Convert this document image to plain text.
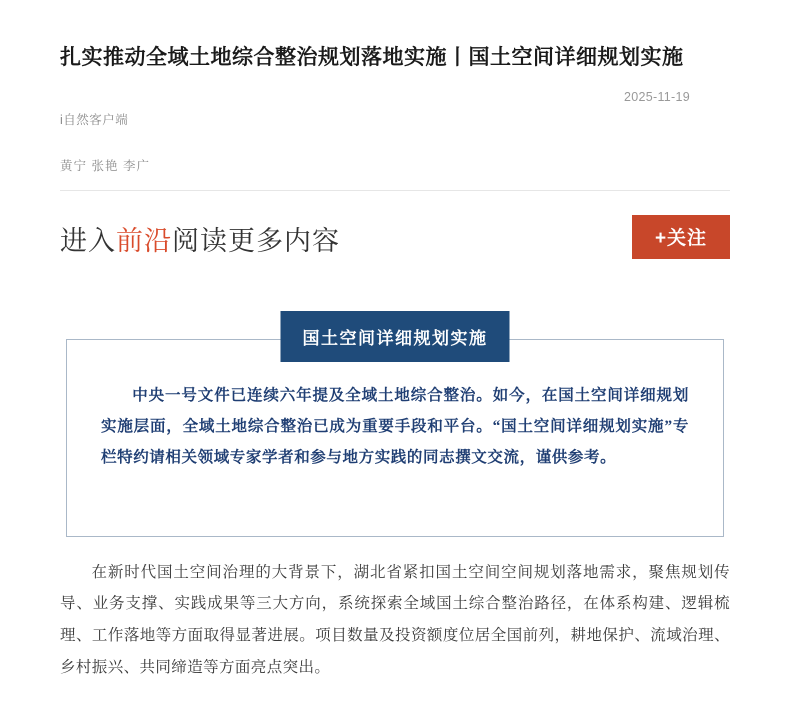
扎实推动全域土地综合整治规划落地实施丨国土空间详细规划实施
2025-11-19
i自然客户端
黄宁 张艳 李广
进入前沿阅读更多内容	+关注
国土空间详细规划实施
中央一号文件已连续六年提及全域土地综合整治。如今，在国土空间详细规划实施层面，全域土地综合整治已成为重要手段和平台。“国土空间详细规划实施”专栏特约请相关领域专家学者和参与地方实践的同志撰文交流，谨供参考。
在新时代国土空间治理的大背景下，湖北省紧扣国土空间空间规划落地需求，聚焦规划传导、业务支撑、实践成果等三大方向，系统探索全域国土综合整治路径，在体系构建、逻辑梳理、工作落地等方面取得显著进展。项目数量及投资额度位居全国前列，耕地保护、流域治理、乡村振兴、共同缔造等方面亮点突出。
